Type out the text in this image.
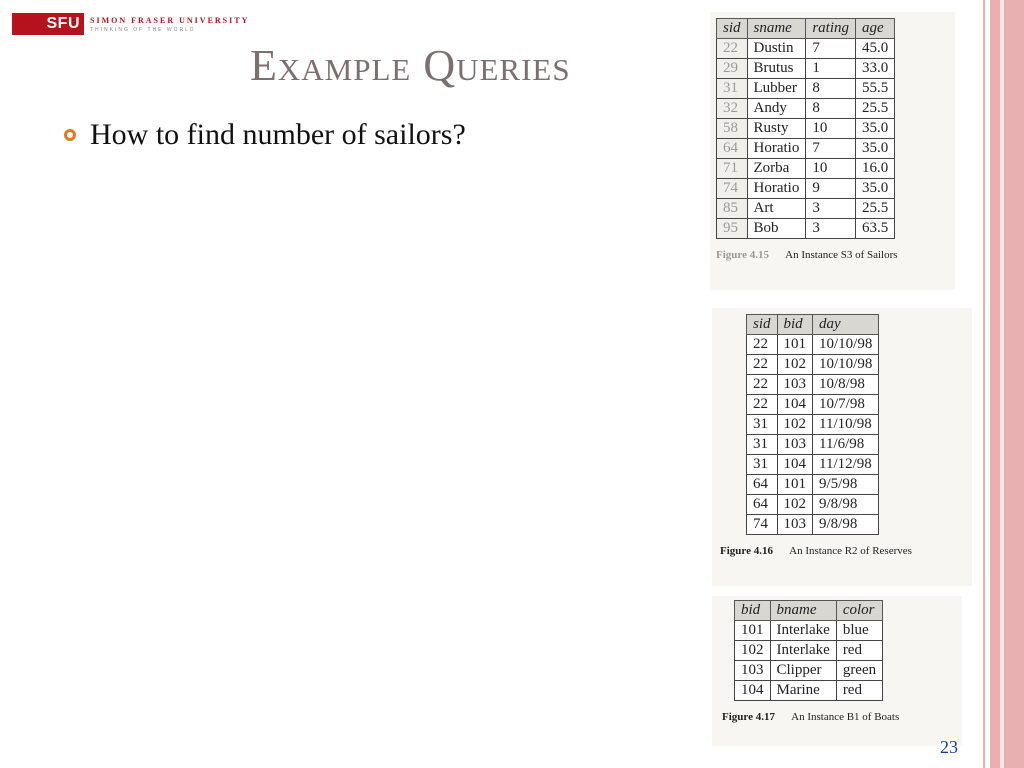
SFU	SIMON FRASER UNIVERSITY
THINKING OF THE WORLD
Example Queries
How to find number of sailors?
sid	sname	rating	age
22	Dustin	7	45.0
29	Brutus	1	33.0
31	Lubber	8	55.5
32	Andy	8	25.5
58	Rusty	10	35.0
64	Horatio	7	35.0
71	Zorba	10	16.0
74	Horatio	9	35.0
85	Art	3	25.5
95	Bob	3	63.5
Figure 4.15 An Instance S3 of Sailors
sid	bid	day
22	101	10/10/98
22	102	10/10/98
22	103	10/8/98
22	104	10/7/98
31	102	11/10/98
31	103	11/6/98
31	104	11/12/98
64	101	9/5/98
64	102	9/8/98
74	103	9/8/98
Figure 4.16 An Instance R2 of Reserves
bid	bname	color
101	Interlake	blue
102	Interlake	red
103	Clipper	green
104	Marine	red
Figure 4.17 An Instance B1 of Boats
23
